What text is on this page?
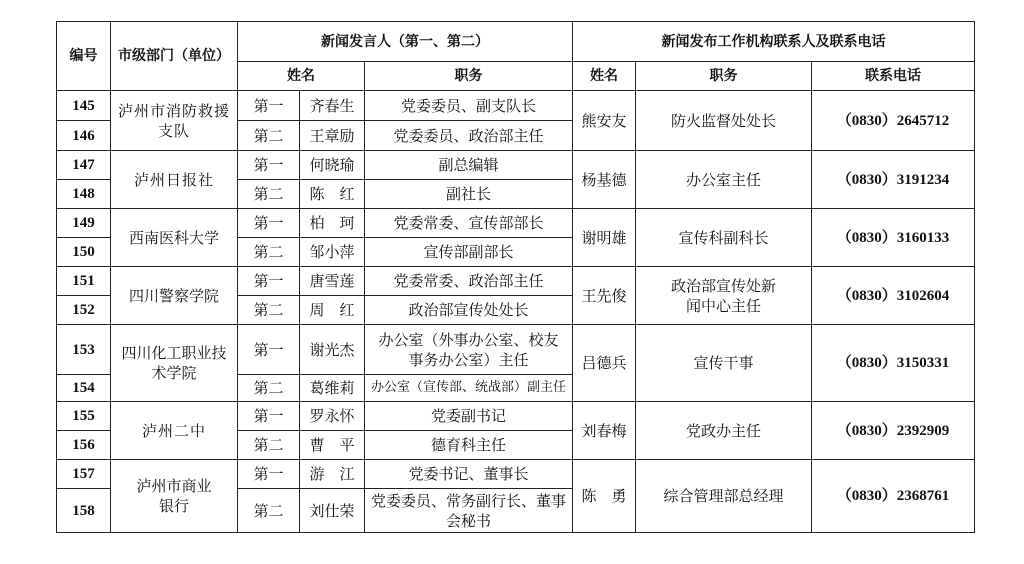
编号	市级部门（单位）	新闻发言人（第一、第二）			新闻发布工作机构联系人及联系电话		
		姓名		职务	姓名	职务	联系电话
145	泸州市消防救援支队	第一	齐春生	党委委员、副支队长	熊安友	防火监督处处长	（0830）2645712
146		第二	王章励	党委委员、政治部主任			
147	泸州日报社	第一	何晓瑜	副总编辑	杨基德	办公室主任	（0830）3191234
148		第二	陈　红	副社长			
149	西南医科大学	第一	柏　珂	党委常委、宣传部部长	谢明雄	宣传科副科长	（0830）3160133
150		第二	邹小萍	宣传部副部长			
151	四川警察学院	第一	唐雪莲	党委常委、政治部主任	王先俊	政治部宣传处新闻中心主任	（0830）3102604
152		第二	周　红	政治部宣传处处长			
153	四川化工职业技术学院	第一	谢光杰	办公室（外事办公室、校友事务办公室）主任	吕德兵	宣传干事	（0830）3150331
154		第二	葛维莉	办公室（宣传部、统战部）副主任			
155	泸州二中	第一	罗永怀	党委副书记	刘春梅	党政办主任	（0830）2392909
156		第二	曹　平	德育科主任			
157	泸州市商业银行	第一	游　江	党委书记、董事长	陈　勇	综合管理部总经理	（0830）2368761
158		第二	刘仕荣	党委委员、常务副行长、董事会秘书			
